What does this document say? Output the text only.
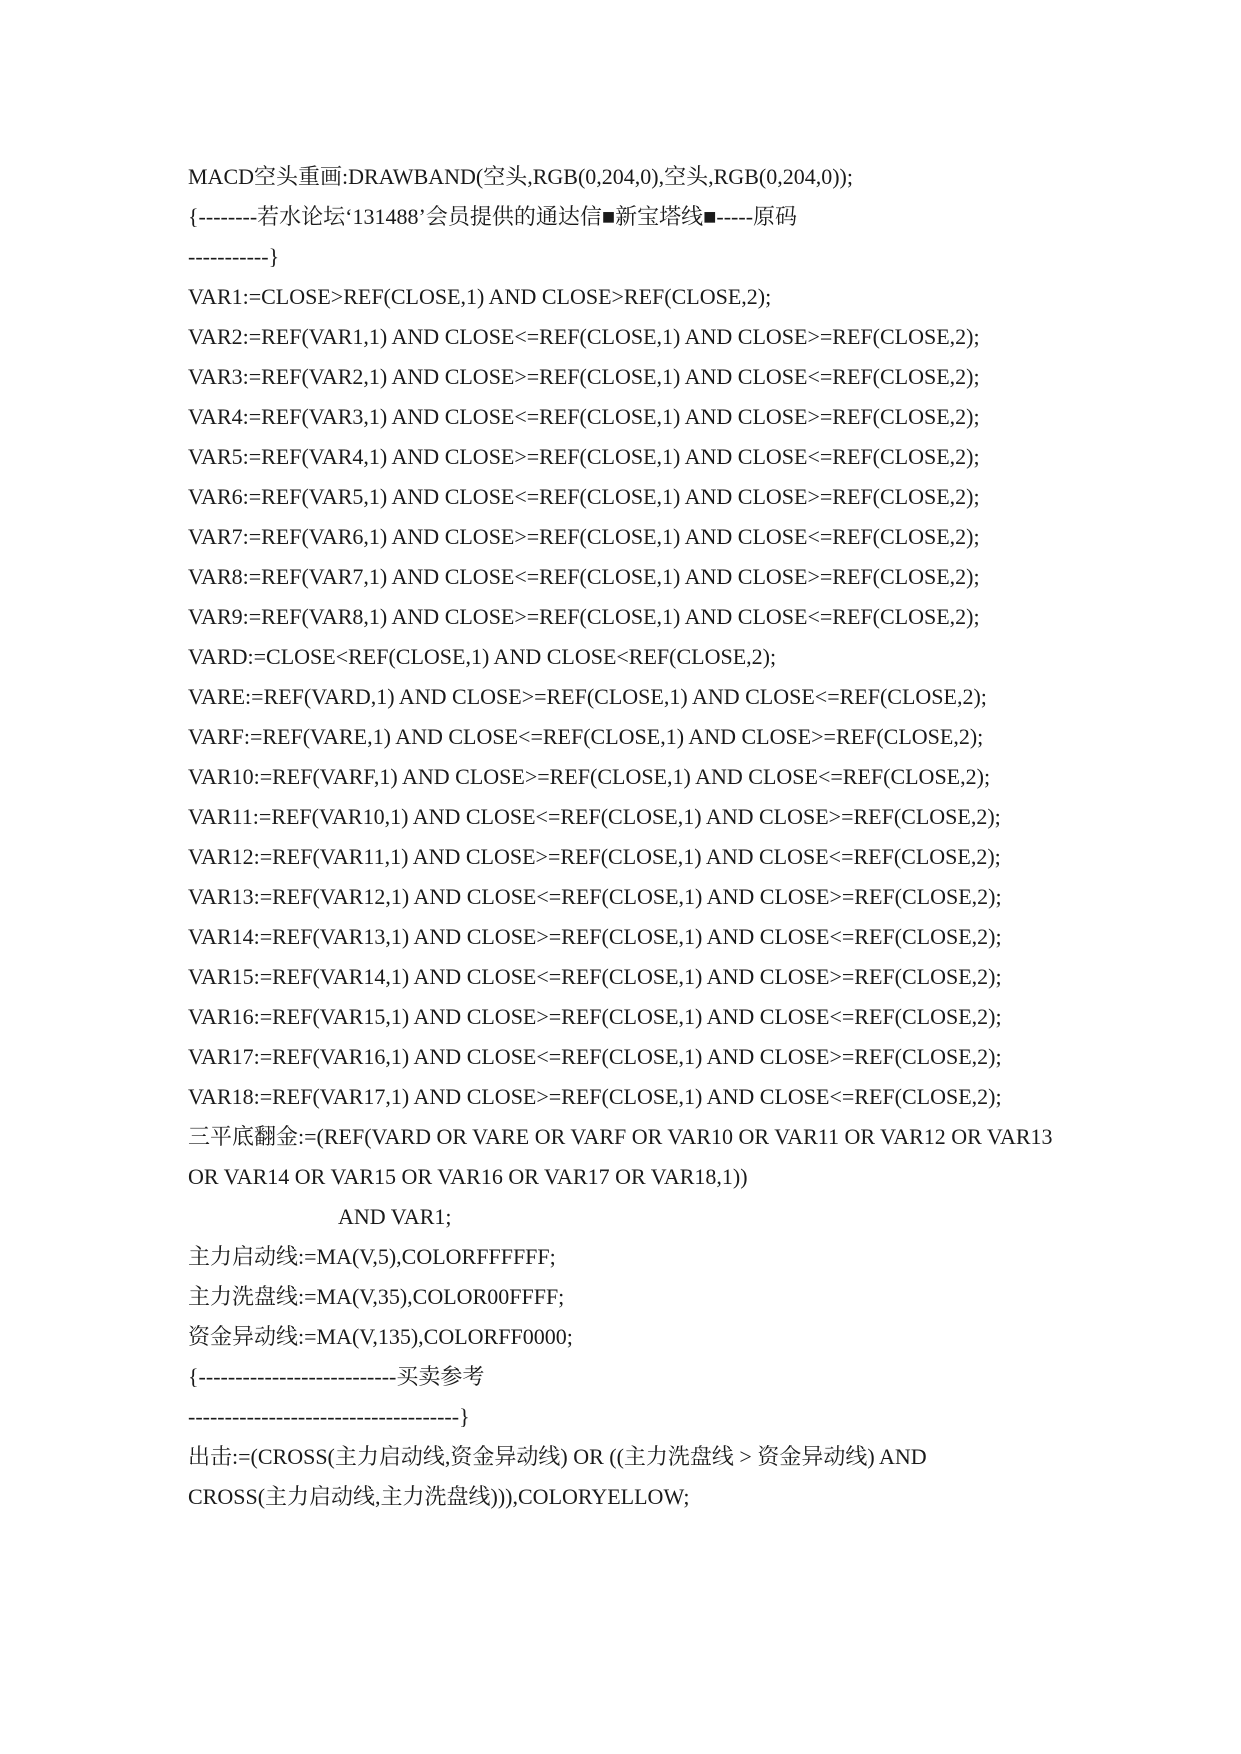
MACD空头重画:DRAWBAND(空头,RGB(0,204,0),空头,RGB(0,204,0));
{--------若水论坛‘131488’会员提供的通达信■新宝塔线■-----原码
-----------}
VAR1:=CLOSE>REF(CLOSE,1) AND CLOSE>REF(CLOSE,2);
VAR2:=REF(VAR1,1) AND CLOSE<=REF(CLOSE,1) AND CLOSE>=REF(CLOSE,2);
VAR3:=REF(VAR2,1) AND CLOSE>=REF(CLOSE,1) AND CLOSE<=REF(CLOSE,2);
VAR4:=REF(VAR3,1) AND CLOSE<=REF(CLOSE,1) AND CLOSE>=REF(CLOSE,2);
VAR5:=REF(VAR4,1) AND CLOSE>=REF(CLOSE,1) AND CLOSE<=REF(CLOSE,2);
VAR6:=REF(VAR5,1) AND CLOSE<=REF(CLOSE,1) AND CLOSE>=REF(CLOSE,2);
VAR7:=REF(VAR6,1) AND CLOSE>=REF(CLOSE,1) AND CLOSE<=REF(CLOSE,2);
VAR8:=REF(VAR7,1) AND CLOSE<=REF(CLOSE,1) AND CLOSE>=REF(CLOSE,2);
VAR9:=REF(VAR8,1) AND CLOSE>=REF(CLOSE,1) AND CLOSE<=REF(CLOSE,2);
VARD:=CLOSE<REF(CLOSE,1) AND CLOSE<REF(CLOSE,2);
VARE:=REF(VARD,1) AND CLOSE>=REF(CLOSE,1) AND CLOSE<=REF(CLOSE,2);
VARF:=REF(VARE,1) AND CLOSE<=REF(CLOSE,1) AND CLOSE>=REF(CLOSE,2);
VAR10:=REF(VARF,1) AND CLOSE>=REF(CLOSE,1) AND CLOSE<=REF(CLOSE,2);
VAR11:=REF(VAR10,1) AND CLOSE<=REF(CLOSE,1) AND CLOSE>=REF(CLOSE,2);
VAR12:=REF(VAR11,1) AND CLOSE>=REF(CLOSE,1) AND CLOSE<=REF(CLOSE,2);
VAR13:=REF(VAR12,1) AND CLOSE<=REF(CLOSE,1) AND CLOSE>=REF(CLOSE,2);
VAR14:=REF(VAR13,1) AND CLOSE>=REF(CLOSE,1) AND CLOSE<=REF(CLOSE,2);
VAR15:=REF(VAR14,1) AND CLOSE<=REF(CLOSE,1) AND CLOSE>=REF(CLOSE,2);
VAR16:=REF(VAR15,1) AND CLOSE>=REF(CLOSE,1) AND CLOSE<=REF(CLOSE,2);
VAR17:=REF(VAR16,1) AND CLOSE<=REF(CLOSE,1) AND CLOSE>=REF(CLOSE,2);
VAR18:=REF(VAR17,1) AND CLOSE>=REF(CLOSE,1) AND CLOSE<=REF(CLOSE,2);
三平底翻金:=(REF(VARD OR VARE OR VARF OR VAR10 OR VAR11 OR VAR12 OR VAR13
OR VAR14 OR VAR15 OR VAR16 OR VAR17 OR VAR18,1))
AND VAR1;
主力启动线:=MA(V,5),COLORFFFFFF;
主力洗盘线:=MA(V,35),COLOR00FFFF;
资金异动线:=MA(V,135),COLORFF0000;
{---------------------------买卖参考
-------------------------------------}
出击:=(CROSS(主力启动线,资金异动线) OR ((主力洗盘线 > 资金异动线) AND
CROSS(主力启动线,主力洗盘线))),COLORYELLOW;
